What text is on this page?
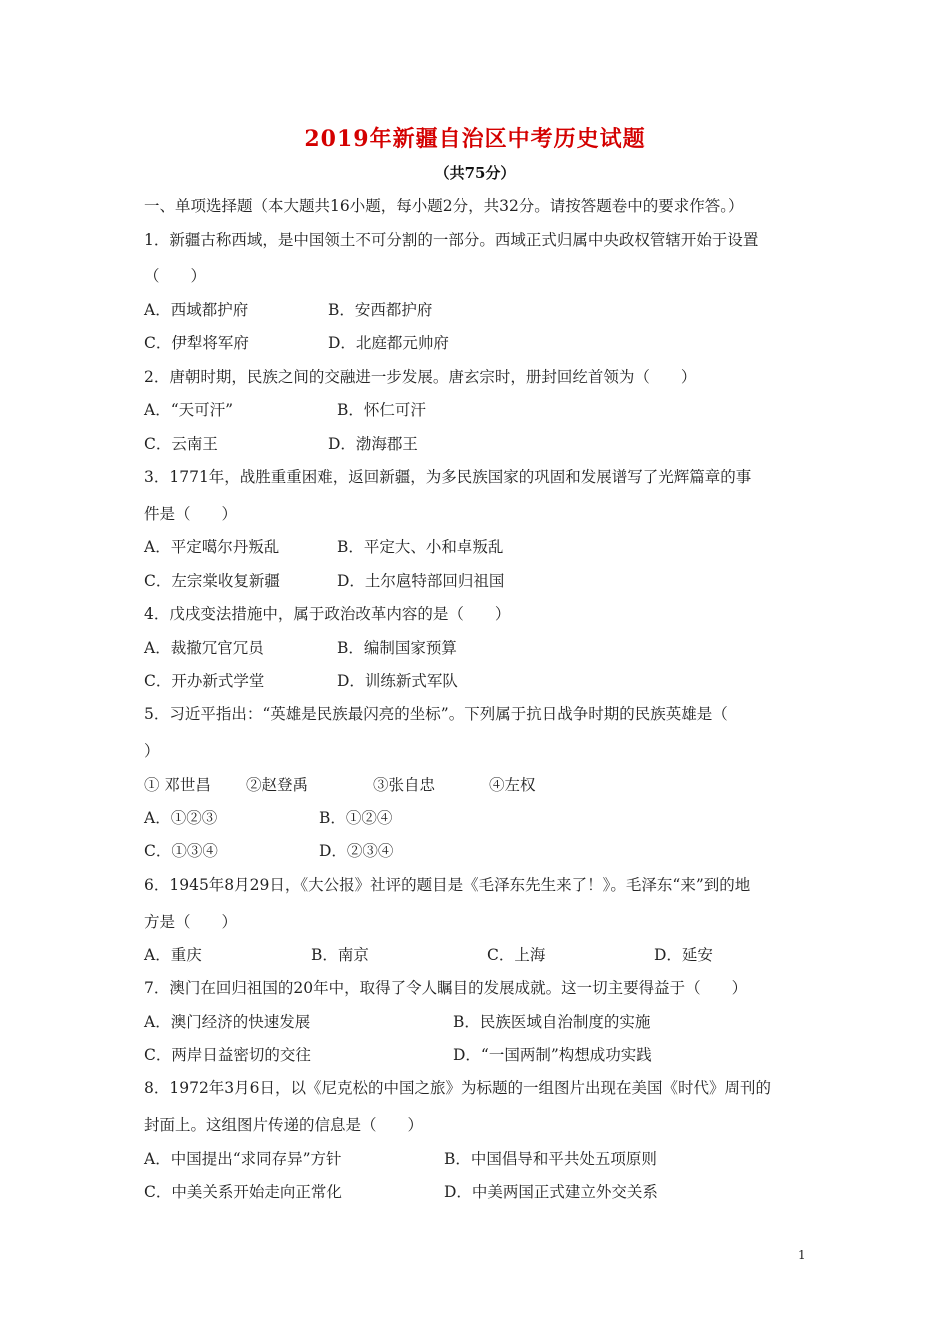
2019年新疆自治区中考历史试题
（共75分）
一、单项选择题（本大题共16小题，每小题2分，共32分。请按答题卷中的要求作答。）
1．新疆古称西域，是中国领土不可分割的一部分。西域正式归属中央政权管辖开始于设置
（　　）
A．西域都护府	B．安西都护府
C．伊犁将军府	D．北庭都元帅府
2．唐朝时期，民族之间的交融进一步发展。唐玄宗时，册封回纥首领为（　　）
A．“天可汗”	B．怀仁可汗
C．云南王	D．渤海郡王
3．1771年，战胜重重困难，返回新疆，为多民族国家的巩固和发展谱写了光辉篇章的事
件是（　　）
A．平定噶尔丹叛乱	B．平定大、小和卓叛乱
C．左宗棠收复新疆	D．土尔扈特部回归祖国
4．戊戌变法措施中，属于政治改革内容的是（　　）
A．裁撤冗官冗员	B．编制国家预算
C．开办新式学堂	D．训练新式军队
5．习近平指出：“英雄是民族最闪亮的坐标”。下列属于抗日战争时期的民族英雄是（
）
① 邓世昌 ②赵登禹	③张自忠	④左权
A．①②③	B．①②④
C．①③④	D．②③④
6．1945年8月29日，《大公报》社评的题目是《毛泽东先生来了！》。毛泽东“来”到的地
方是（　　）
A．重庆	B．南京	C．上海	D．延安
7．澳门在回归祖国的20年中，取得了令人瞩目的发展成就。这一切主要得益于（　　）
A．澳门经济的快速发展	B．民族医域自治制度的实施
C．两岸日益密切的交往	D．“一国两制”构想成功实践
8．1972年3月6日，以《尼克松的中国之旅》为标题的一组图片出现在美国《时代》周刊的
封面上。这组图片传递的信息是（　　）
A．中国提出“求同存异”方针	B．中国倡导和平共处五项原则
C．中美关系开始走向正常化	D．中美两国正式建立外交关系
1
